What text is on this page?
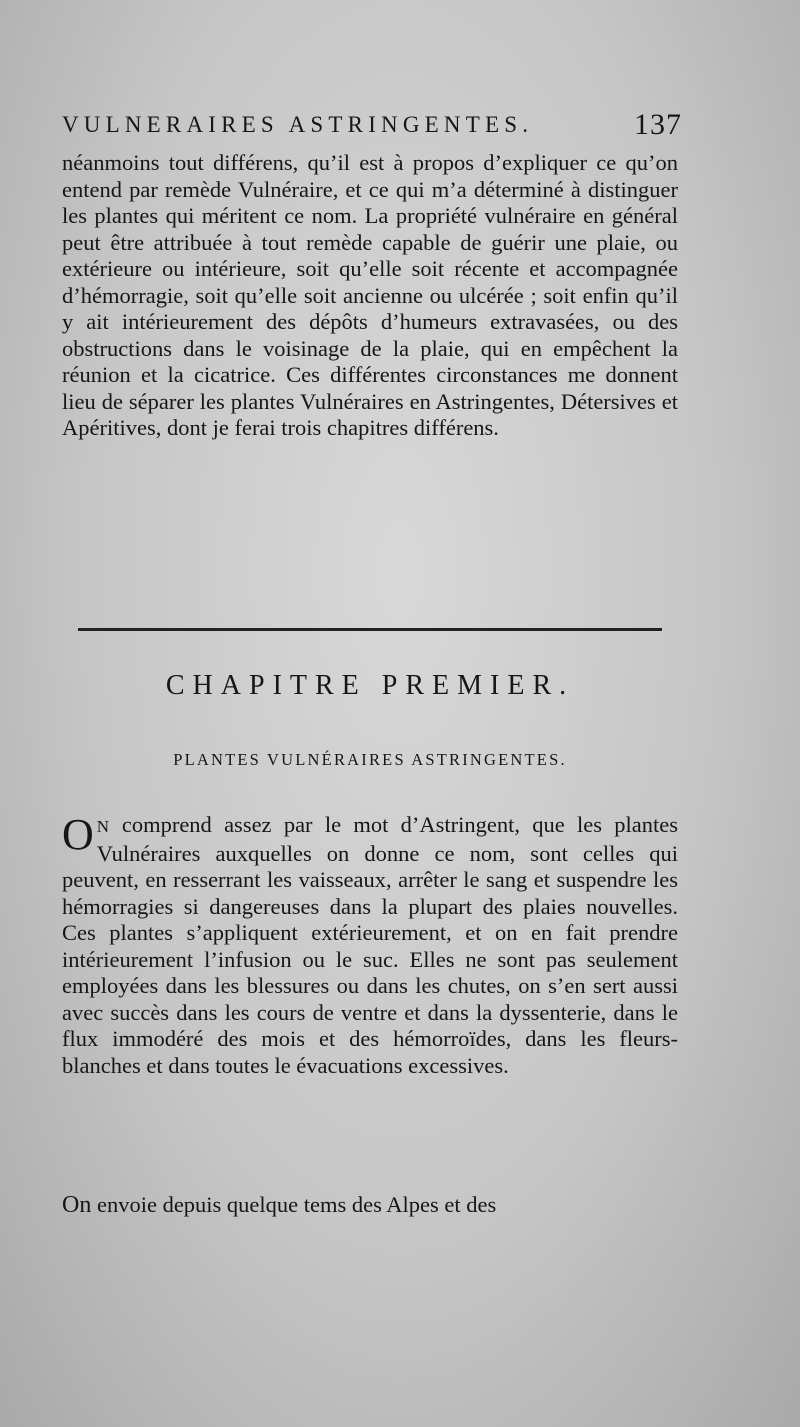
VULNERAIRES ASTRINGENTES.	137

néanmoins tout différens, qu’il est à propos d’expliquer ce qu’on entend par remède Vulnéraire, et ce qui m’a déterminé à distinguer les plantes qui méritent ce nom. La propriété vulnéraire en général peut être attribuée à tout remède capable de guérir une plaie, ou extérieure ou intérieure, soit qu’elle soit récente et accompagnée d’hémorragie, soit qu’elle soit ancienne ou ulcérée ; soit enfin qu’il y ait intérieurement des dépôts d’humeurs extravasées, ou des obstructions dans le voisinage de la plaie, qui en empêchent la réunion et la cicatrice. Ces différentes circonstances me donnent lieu de séparer les plantes Vulnéraires en Astringentes, Détersives et Apéritives, dont je ferai trois chapitres différens.

CHAPITRE PREMIER.
PLANTES VULNÉRAIRES ASTRINGENTES.

O N comprend assez par le mot d’Astringent, que les plantes Vulnéraires auxquelles on donne ce nom, sont celles qui peuvent, en resserrant les vaisseaux, arrêter le sang et suspendre les hémorragies si dangereuses dans la plupart des plaies nouvelles. Ces plantes s’appliquent extérieurement, et on en fait prendre intérieurement l’infusion ou le suc. Elles ne sont pas seulement employées dans les blessures ou dans les chutes, on s’en sert aussi avec succès dans les cours de ventre et dans la dyssenterie, dans le flux immodéré des mois et des hémorroïdes, dans les fleurs-blanches et dans toutes le évacuations excessives.

On envoie depuis quelque tems des Alpes et des
